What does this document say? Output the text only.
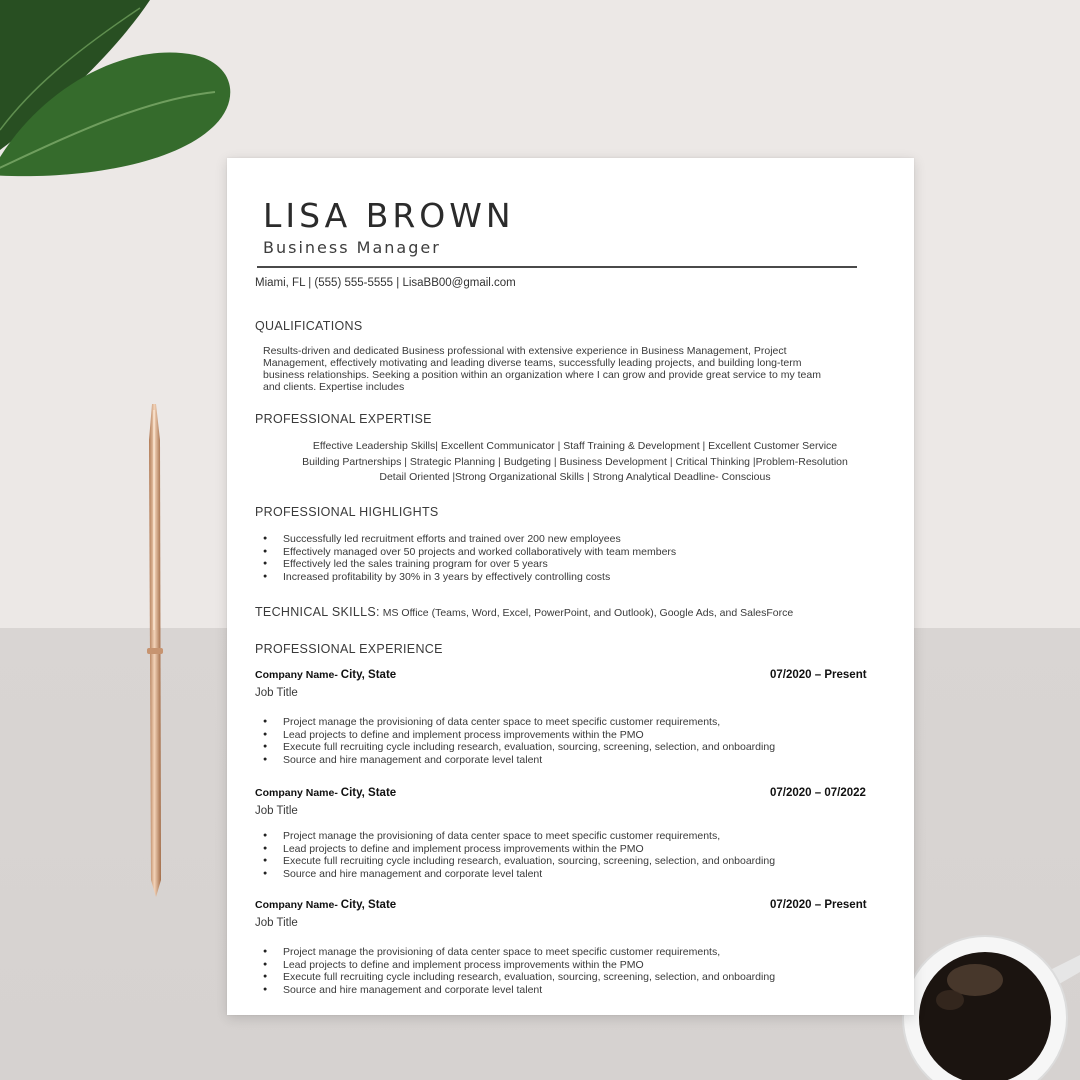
LISA BROWN
Business Manager
Miami, FL | (555) 555-5555 | LisaBB00@gmail.com
QUALIFICATIONS
Results-driven and dedicated Business professional with extensive experience in Business Management, Project
Management, effectively motivating and leading diverse teams, successfully leading projects, and building long-term
business relationships. Seeking a position within an organization where I can grow and provide great service to my team
and clients. Expertise includes
PROFESSIONAL EXPERTISE
Effective Leadership Skills| Excellent Communicator | Staff Training & Development | Excellent Customer Service
Building Partnerships | Strategic Planning | Budgeting | Business Development | Critical Thinking |Problem-Resolution
Detail Oriented |Strong Organizational Skills | Strong Analytical Deadline- Conscious
PROFESSIONAL HIGHLIGHTS
● Successfully led recruitment efforts and trained over 200 new employees
● Effectively managed over 50 projects and worked collaboratively with team members
● Effectively led the sales training program for over 5 years
● Increased profitability by 30% in 3 years by effectively controlling costs
TECHNICAL SKILLS: MS Office (Teams, Word, Excel, PowerPoint, and Outlook), Google Ads, and SalesForce
PROFESSIONAL EXPERIENCE
Company Name- City, State	07/2020 – Present
Job Title
● Project manage the provisioning of data center space to meet specific customer requirements,
● Lead projects to define and implement process improvements within the PMO
● Execute full recruiting cycle including research, evaluation, sourcing, screening, selection, and onboarding
● Source and hire management and corporate level talent
Company Name- City, State	07/2020 – 07/2022
Job Title
● Project manage the provisioning of data center space to meet specific customer requirements,
● Lead projects to define and implement process improvements within the PMO
● Execute full recruiting cycle including research, evaluation, sourcing, screening, selection, and onboarding
● Source and hire management and corporate level talent
Company Name- City, State	07/2020 – Present
Job Title
● Project manage the provisioning of data center space to meet specific customer requirements,
● Lead projects to define and implement process improvements within the PMO
● Execute full recruiting cycle including research, evaluation, sourcing, screening, selection, and onboarding
● Source and hire management and corporate level talent
